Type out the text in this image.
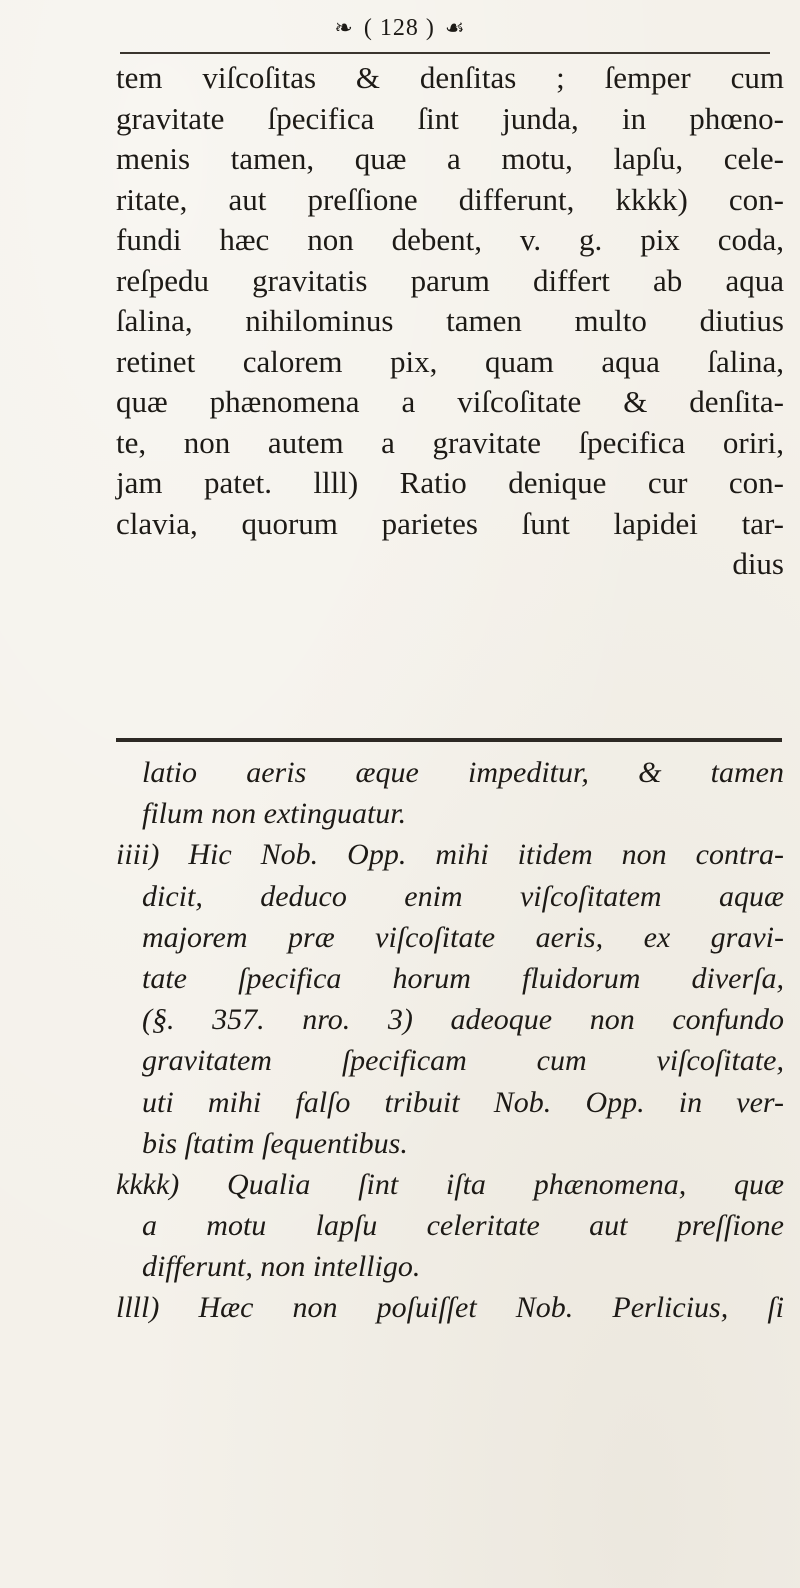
❧ ( 128 ) ☙
tem viſcoſitas & denſitas ; ſemper cum
gravitate ſpecifica ſint junda, in phœno-
menis tamen, quæ a motu, lapſu, cele-
ritate, aut preſſione differunt, kkkk) con-
fundi hæc non debent, v. g. pix coda,
reſpedu gravitatis parum differt ab aqua
ſalina, nihilominus tamen multo diutius
retinet calorem pix, quam aqua ſalina,
quæ phænomena a viſcoſitate & denſita-
te, non autem a gravitate ſpecifica oriri,
jam patet. llll) Ratio denique cur con-
clavia, quorum parietes ſunt lapidei tar-
dius
latio aeris æque impeditur, & tamen
filum non extinguatur.
iiii) Hic Nob. Opp. mihi itidem non contra-
dicit, deduco enim viſcoſitatem aquæ
majorem præ viſcoſitate aeris, ex gravi-
tate ſpecifica horum fluidorum diverſa,
(§. 357. nro. 3) adeoque non confundo
gravitatem ſpecificam cum viſcoſitate,
uti mihi falſo tribuit Nob. Opp. in ver-
bis ſtatim ſequentibus.
kkkk) Qualia ſint iſta phænomena, quæ
a motu lapſu celeritate aut preſſione
differunt, non intelligo.
llll) Hæc non poſuiſſet Nob. Perlicius, ſi
